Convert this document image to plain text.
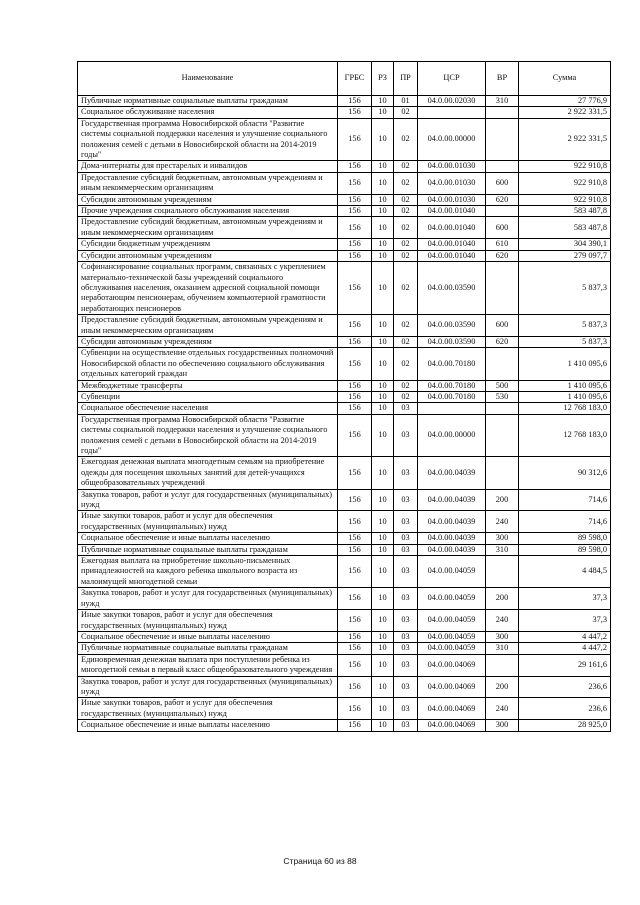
Наименование	ГРБС	РЗ	ПР	ЦСР	ВР	Сумма
Публичные нормативные социальные выплаты гражданам	156	10	01	04.0.00.02030	310	27 776,9
Социальное обслуживание населения	156	10	02			2 922 331,5
Государственная программа Новосибирской области "Развитие системы социальной поддержки населения и улучшение социального положения семей с детьми в Новосибирской области на 2014-2019 годы"	156	10	02	04.0.00.00000		2 922 331,5
Дома-интернаты для престарелых и инвалидов	156	10	02	04.0.00.01030		922 910,8
Предоставление субсидий бюджетным, автономным учреждениям и иным некоммерческим организациям	156	10	02	04.0.00.01030	600	922 910,8
Субсидии автономным учреждениям	156	10	02	04.0.00.01030	620	922 910,8
Прочие учреждения социального обслуживания населения	156	10	02	04.0.00.01040		583 487,8
Предоставление субсидий бюджетным, автономным учреждениям и иным некоммерческим организациям	156	10	02	04.0.00.01040	600	583 487,8
Субсидии бюджетным учреждениям	156	10	02	04.0.00.01040	610	304 390,1
Субсидии автономным учреждениям	156	10	02	04.0.00.01040	620	279 097,7
Софинансирование социальных программ, связанных с укреплением материально-технической базы учреждений социального обслуживания населения, оказанием адресной социальной помощи неработающим пенсионерам, обучением компьютерной грамотности неработающих пенсионеров	156	10	02	04.0.00.03590		5 837,3
Предоставление субсидий бюджетным, автономным учреждениям и иным некоммерческим организациям	156	10	02	04.0.00.03590	600	5 837,3
Субсидии автономным учреждениям	156	10	02	04.0.00.03590	620	5 837,3
Субвенции на осуществление отдельных государственных полномочий Новосибирской области по обеспечению социального обслуживания отдельных категорий граждан	156	10	02	04.0.00.70180		1 410 095,6
Межбюджетные трансферты	156	10	02	04.0.00.70180	500	1 410 095,6
Субвенции	156	10	02	04.0.00.70180	530	1 410 095,6
Социальное обеспечение населения	156	10	03			12 768 183,0
Государственная программа Новосибирской области "Развитие системы социальной поддержки населения и улучшение социального положения семей с детьми в Новосибирской области на 2014-2019 годы"	156	10	03	04.0.00.00000		12 768 183,0
Ежегодная денежная выплата многодетным семьям на приобретение одежды для посещения школьных занятий для детей-учащихся общеобразовательных учреждений	156	10	03	04.0.00.04039		90 312,6
Закупка товаров, работ и услуг для государственных (муниципальных) нужд	156	10	03	04.0.00.04039	200	714,6
Иные закупки товаров, работ и услуг для обеспечения государственных (муниципальных) нужд	156	10	03	04.0.00.04039	240	714,6
Социальное обеспечение и иные выплаты населению	156	10	03	04.0.00.04039	300	89 598,0
Публичные нормативные социальные выплаты гражданам	156	10	03	04.0.00.04039	310	89 598,0
Ежегодная выплата на приобретение школьно-письменных принадлежностей на каждого ребенка школьного возраста из малоимущей многодетной семьи	156	10	03	04.0.00.04059		4 484,5
Закупка товаров, работ и услуг для государственных (муниципальных) нужд	156	10	03	04.0.00.04059	200	37,3
Иные закупки товаров, работ и услуг для обеспечения государственных (муниципальных) нужд	156	10	03	04.0.00.04059	240	37,3
Социальное обеспечение и иные выплаты населению	156	10	03	04.0.00.04059	300	4 447,2
Публичные нормативные социальные выплаты гражданам	156	10	03	04.0.00.04059	310	4 447,2
Единовременная денежная выплата при поступлении ребенка из многодетной семьи в первый класс общеобразовательного учреждения	156	10	03	04.0.00.04069		29 161,6
Закупка товаров, работ и услуг для государственных (муниципальных) нужд	156	10	03	04.0.00.04069	200	236,6
Иные закупки товаров, работ и услуг для обеспечения государственных (муниципальных) нужд	156	10	03	04.0.00.04069	240	236,6
Социальное обеспечение и иные выплаты населению	156	10	03	04.0.00.04069	300	28 925,0
Страница 60 из 88
